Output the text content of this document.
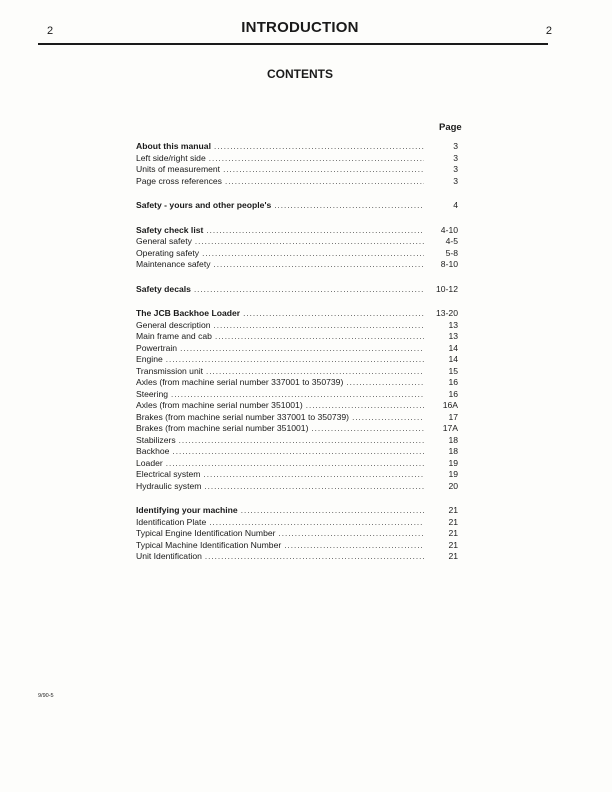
2	INTRODUCTION	2
CONTENTS
Page
About this manual . . .	3
Left side/right side . . .	3
Units of measurement . . .	3
Page cross references . . .	3
Safety - yours and other people's . . .	4
Safety check list . . .	4-10
General safety . . .	4-5
Operating safety . . .	5-8
Maintenance safety . . .	8-10
Safety decals . . .	10-12
The JCB Backhoe Loader . . .	13-20
General description . . .	13
Main frame and cab . . .	13
Powertrain . . .	14
Engine . . .	14
Transmission unit . . .	15
Axles (from machine serial number 337001 to 350739) . . .	16
Steering . . .	16
Axles (from machine serial number 351001) . . .	16A
Brakes (from machine serial number 337001 to 350739) . . .	17
Brakes (from machine serial number 351001) . . .	17A
Stabilizers . . .	18
Backhoe . . .	18
Loader . . .	19
Electrical system . . .	19
Hydraulic system . . .	20
Identifying your machine . . .	21
Identification Plate . . .	21
Typical Engine Identification Number . . .	21
Typical Machine Identification Number . . .	21
Unit Identification . . .	21
9/90-5
